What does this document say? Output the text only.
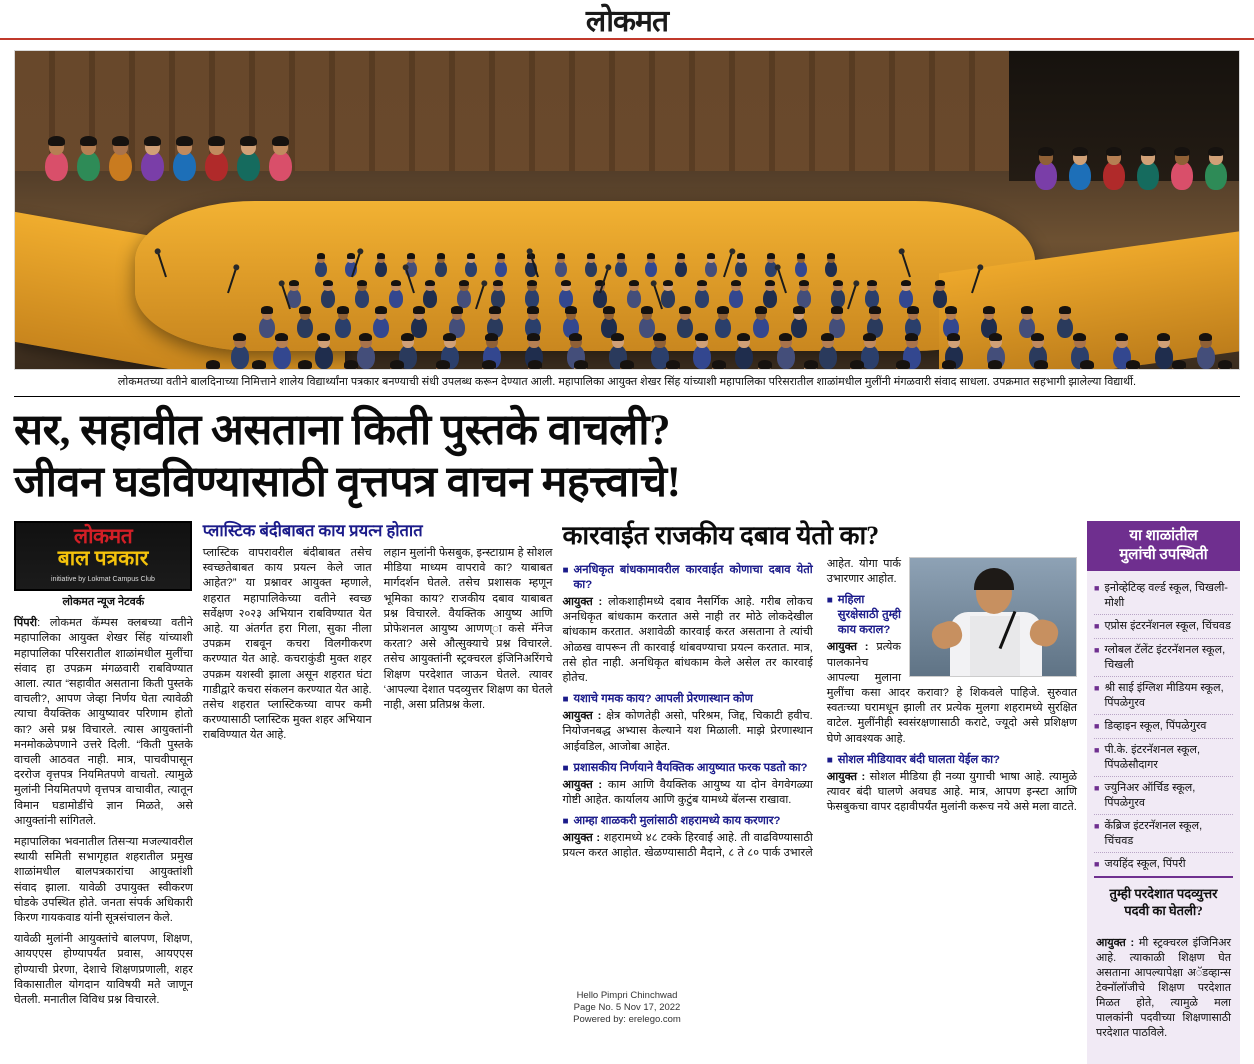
लोकमत
लोकमतच्या वतीने बालदिनाच्या निमित्ताने शालेय विद्यार्थ्यांना पत्रकार बनण्याची संधी उपलब्ध करून देण्यात आली. महापालिका आयुक्त शेखर सिंह यांच्याशी महापालिका परिसरातील शाळांमधील मुलींनी मंगळवारी संवाद साधला. उपक्रमात सहभागी झालेल्या विद्यार्थी.
सर, सहावीत असताना किती पुस्तके वाचली?
जीवन घडविण्यासाठी वृत्तपत्र वाचन महत्त्वाचे!
लोकमत
बाल पत्रकार
initiative by Lokmat Campus Club
लोकमत न्यूज नेटवर्क

पिंपरी: लोकमत कॅम्पस क्लबच्या वतीने महापालिका आयुक्त शेखर सिंह यांच्याशी महापालिका परिसरातील शाळांमधील मुलींचा संवाद हा उपक्रम मंगळवारी राबविण्यात आला. त्यात “सहावीत असताना किती पुस्तके वाचली?, आपण जेव्हा निर्णय घेता त्यावेळी त्याचा वैयक्तिक आयुष्यावर परिणाम होतो का? असे प्रश्न विचारले. त्यास आयुक्तांनी मनमोकळेपणाने उत्तरे दिली. “किती पुस्तके वाचली आठवत नाही. मात्र, पाचवीपासून दररोज वृत्तपत्र नियमितपणे वाचतो. त्यामुळे मुलांनी नियमितपणे वृत्तपत्र वाचावीत, त्यातून विमान घडामोडींचे ज्ञान मिळते, असे आयुक्तांनी सांगितले.

महापालिका भवनातील तिसऱ्या मजल्यावरील स्थायी समिती सभागृहात शहरातील प्रमुख शाळांमधील बालपत्रकारांचा आयुक्तांशी संवाद झाला. यावेळी उपायुक्त स्वीकरण घोडके उपस्थित होते. जनता संपर्क अधिकारी किरण गायकवाड यांनी सूत्रसंचालन केले.

यावेळी मुलांनी आयुक्तांचे बालपण, शिक्षण, आयएएस होण्यापर्यंत प्रवास, आयएएस होण्याची प्रेरणा, देशाचे शिक्षणप्रणाली, शहर विकासातील योगदान याविषयी मते जाणून घेतली. मनातील विविध प्रश्न विचारले.

प्लास्टिक बंदीबाबत काय प्रयत्न होतात

प्लास्टिक वापरावरील बंदीबाबत तसेच स्वच्छतेबाबत काय प्रयत्न केले जात आहेत?” या प्रश्नावर आयुक्त म्हणाले, शहरात महापालिकेच्या वतीने स्वच्छ सर्वेक्षण २०२३ अभियान राबविण्यात येत आहे. या अंतर्गत हरा गिला, सुका नीला उपक्रम राबवून कचरा विलगीकरण करण्यात येत आहे. कचराकुंडी मुक्त शहर उपक्रम यशस्वी झाला असून शहरात घंटा गाडीद्वारे कचरा संकलन करण्यात येत आहे. तसेच शहरात प्लास्टिकच्या वापर कमी करण्यासाठी प्लास्टिक मुक्त शहर अभियान राबविण्यात येत आहे.

लहान मुलांनी फेसबुक, इन्स्टाग्राम हे सोशल मीडिया माध्यम वापरावे का? याबाबत मार्गदर्शन घेतले. तसेच प्रशासक म्हणून भूमिका काय? राजकीय दबाव याबाबत प्रश्न विचारले. वैयक्तिक आयुष्य आणि प्रोफेशनल आयुष्य आणण्ा कसे मॅनेज करता? असे औत्सुक्याचे प्रश्न विचारले. तसेच आयुक्तांनी स्ट्रक्चरल इंजिनिअरिंगचे शिक्षण परदेशात जाऊन घेतले. त्यावर ‘आपल्या देशात पदव्युत्तर शिक्षण का घेतले नाही, असा प्रतिप्रश्न केला.

कारवाईत राजकीय दबाव येतो का?
■ अनधिकृत बांधकामावरील कारवाईत कोणाचा दबाव येतो का?

आयुक्त : लोकशाहीमध्ये दबाव नैसर्गिक आहे. गरीब लोकच अनधिकृत बांधकाम करतात असे नाही तर मोठे लोकदेखील बांधकाम करतात. अशावेळी कारवाई करत असताना ते त्यांची ओळख वापरून ती कारवाई थांबवण्याचा प्रयत्न करतात. मात्र, तसे होत नाही. अनधिकृत बांधकाम केले असेल तर कारवाई होतेच.

■ यशाचे गमक काय? आपली प्रेरणास्थान कोण

आयुक्त : क्षेत्र कोणतेही असो, परिश्रम, जिद्द, चिकाटी हवीच. नियोजनबद्ध अभ्यास केल्याने यश मिळाली. माझे प्रेरणास्थान आईवडिल, आजोबा आहेत.

■ प्रशासकीय निर्णयाने वैयक्तिक आयुष्यात फरक पडतो का?

आयुक्त : काम आणि वैयक्तिक आयुष्य या दोन वेगवेगळ्या गोष्टी आहेत. कार्यालय आणि कुटुंब यामध्ये बॅलन्स राखावा.

■ आम्हा शाळकरी मुलांसाठी शहरामध्ये काय करणार?

आयुक्त : शहरामध्ये ४८ टक्के हिरवाई आहे. ती वाढविण्यासाठी प्रयत्न करत आहोत. खेळण्यासाठी मैदाने, ८ ते ८० पार्क उभारले आहेत. योगा पार्क उभारणार आहोत.

■ महिला सुरक्षेसाठी तुम्ही काय कराल?

आयुक्त : प्रत्येक पालकानेच आपल्या मुलाना मुलींचा कसा आदर करावा? हे शिकवले पाहिजे. सुरुवात स्वतःच्या घरामधून झाली तर प्रत्येक मुलगा शहरामध्ये सुरक्षित वाटेल. मुलींनीही स्वसंरक्षणासाठी कराटे, ज्यूदो असे प्रशिक्षण घेणे आवश्यक आहे.

■ सोशल मीडियावर बंदी घालता येईल का?

आयुक्त : सोशल मीडिया ही नव्या युगाची भाषा आहे. त्यामुळे त्यावर बंदी घालणे अवघड आहे. मात्र, आपण इन्स्टा आणि फेसबुकचा वापर दहावीपर्यंत मुलांनी करूच नये असे मला वाटते.

या शाळांतील
मुलांची उपस्थिती
■ इनोव्हेटिव्ह वर्ल्ड स्कूल, चिखली-मोशी
■ एप्रोस इंटरनॅशनल स्कूल, चिंचवड
■ ग्लोबल टॅलेंट इंटरनॅशनल स्कूल, चिखली
■ श्री साई इंग्लिश मीडियम स्कूल, पिंपळेगुरव
■ डिव्हाइन स्कूल, पिंपळेगुरव
■ पी.के. इंटरनॅशनल स्कूल, पिंपळेसौदागर
■ ज्युनिअर ऑर्चिड स्कूल, पिंपळेगुरव
■ केंब्रिज इंटरनॅशनल स्कूल, चिंचवड
■ जयहिंद स्कूल, पिंपरी
तुम्ही परदेशात पदव्युत्तर पदवी का घेतली?

आयुक्त : मी स्ट्रक्चरल इंजिनिअर आहे. त्याकाळी शिक्षण घेत असताना आपल्यापेक्षा अॅडव्हान्स टेक्नॉलॉजीचे शिक्षण परदेशात मिळत होते, त्यामुळे मला पालकांनी पदवीच्या शिक्षणासाठी परदेशात पाठविले.

Hello Pimpri Chinchwad
Page No. 5 Nov 17, 2022
Powered by: erelego.com
